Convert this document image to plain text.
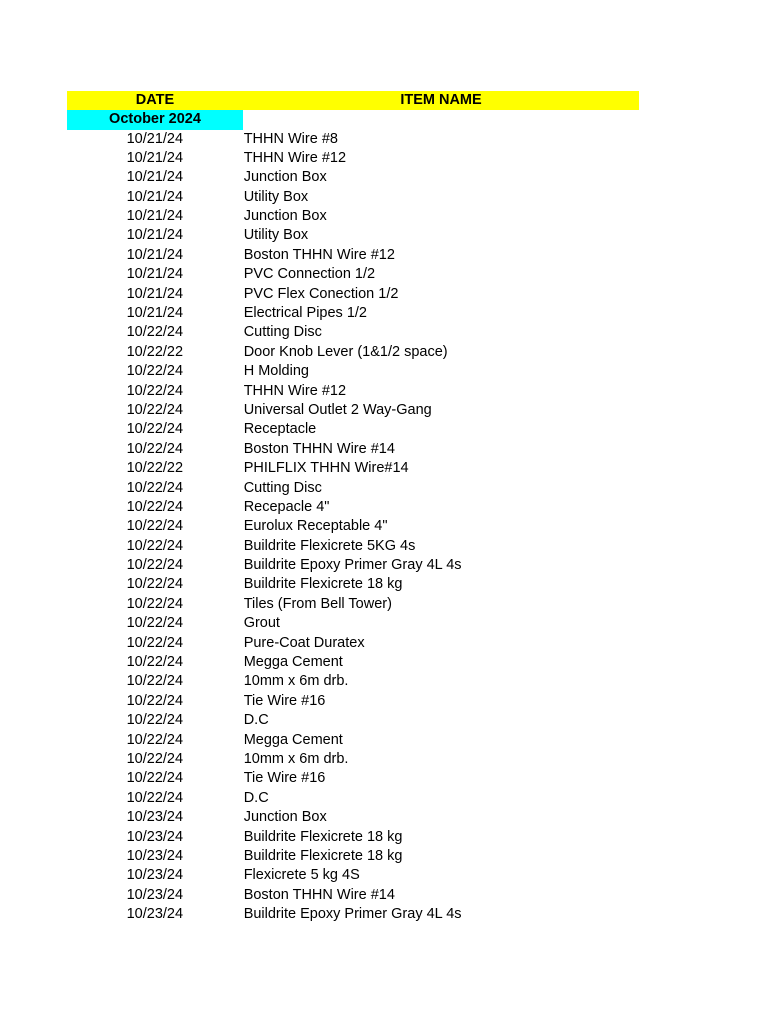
DATE	ITEM NAME
October 2024
10/21/24	THHN Wire #8
10/21/24	THHN Wire #12
10/21/24	Junction Box
10/21/24	Utility Box
10/21/24	Junction Box
10/21/24	Utility Box
10/21/24	Boston THHN Wire #12
10/21/24	PVC Connection 1/2
10/21/24	PVC Flex Conection 1/2
10/21/24	Electrical Pipes 1/2
10/22/24	Cutting Disc
10/22/22	Door Knob Lever (1&1/2 space)
10/22/24	H Molding
10/22/24	THHN Wire #12
10/22/24	Universal Outlet 2 Way-Gang
10/22/24	Receptacle
10/22/24	Boston THHN Wire #14
10/22/22	PHILFLIX THHN Wire#14
10/22/24	Cutting Disc
10/22/24	Recepacle 4"
10/22/24	Eurolux Receptable 4"
10/22/24	Buildrite Flexicrete 5KG 4s
10/22/24	Buildrite Epoxy Primer Gray 4L 4s
10/22/24	Buildrite Flexicrete 18 kg
10/22/24	Tiles (From Bell Tower)
10/22/24	Grout
10/22/24	Pure-Coat Duratex
10/22/24	Megga Cement
10/22/24	10mm x 6m drb.
10/22/24	Tie Wire #16
10/22/24	D.C
10/22/24	Megga Cement
10/22/24	10mm x 6m drb.
10/22/24	Tie Wire #16
10/22/24	D.C
10/23/24	Junction Box
10/23/24	Buildrite Flexicrete 18 kg
10/23/24	Buildrite Flexicrete 18 kg
10/23/24	Flexicrete 5 kg 4S
10/23/24	Boston THHN Wire #14
10/23/24	Buildrite Epoxy Primer Gray 4L 4s
